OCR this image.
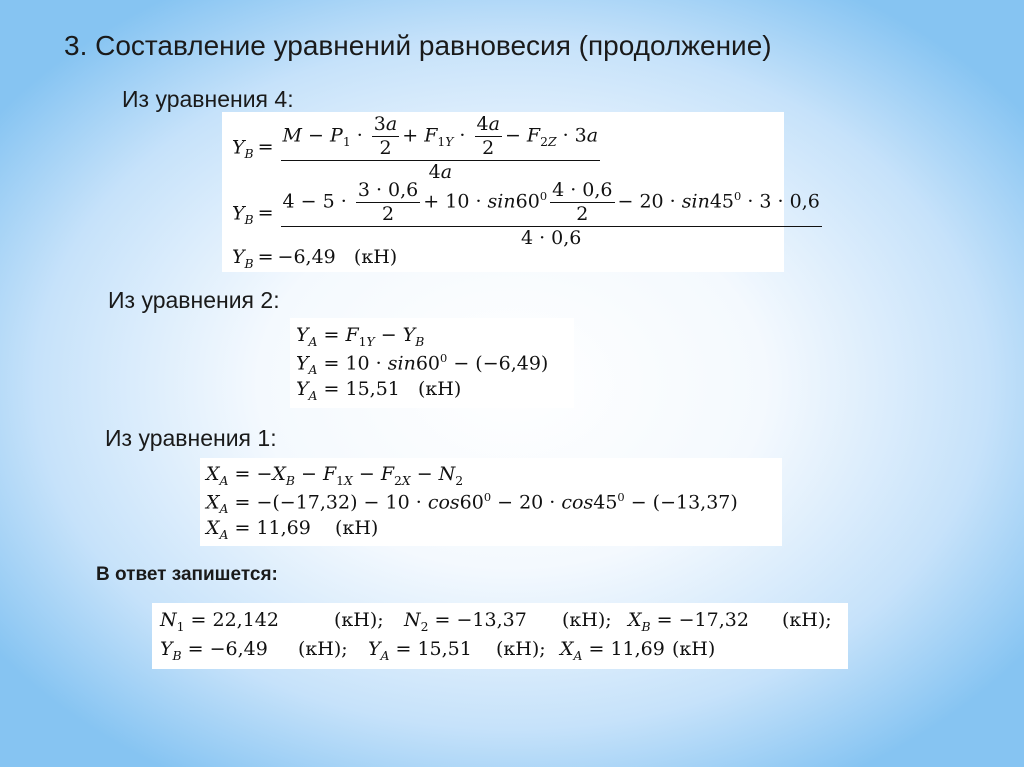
3. Составление уравнений равновесия (продолжение)
Из уравнения 4:
$Y_B = \frac{M - P_1 \cdot \frac{3a}{2} + F_{1Y} \cdot \frac{4a}{2} - F_{2Z} \cdot 3a}{4a}$
$Y_B = \frac{4 - 5 \cdot \frac{3 \cdot 0,6}{2} + 10 \cdot \sin 60^0 \frac{4 \cdot 0,6}{2} - 20 \cdot \sin 45^0 \cdot 3 \cdot 0,6}{4 \cdot 0,6}$
$Y_B = -6,49$ (кН)
Из уравнения 2:
$Y_A = F_{1Y} - Y_B$
$Y_A = 10 \cdot \sin 60^0 - (-6,49)$
$Y_A = 15,51$ (кН)
Из уравнения 1:
$X_A = -X_B - F_{1X} - F_{2X} - N_2$
$X_A = -(-17,32) - 10 \cdot \cos 60^0 - 20 \cdot \cos 45^0 - (-13,37)$
$X_A = 11,69$ (кН)
В ответ запишется:
$N_1 = 22,142$	(кН); $N_2 = -13,37$ (кН); $X_B = -17,32$ (кН);
$Y_B = -6,49$ (кН); $Y_A = 15,51$ (кН); $X_A = 11,69$ (кН)
